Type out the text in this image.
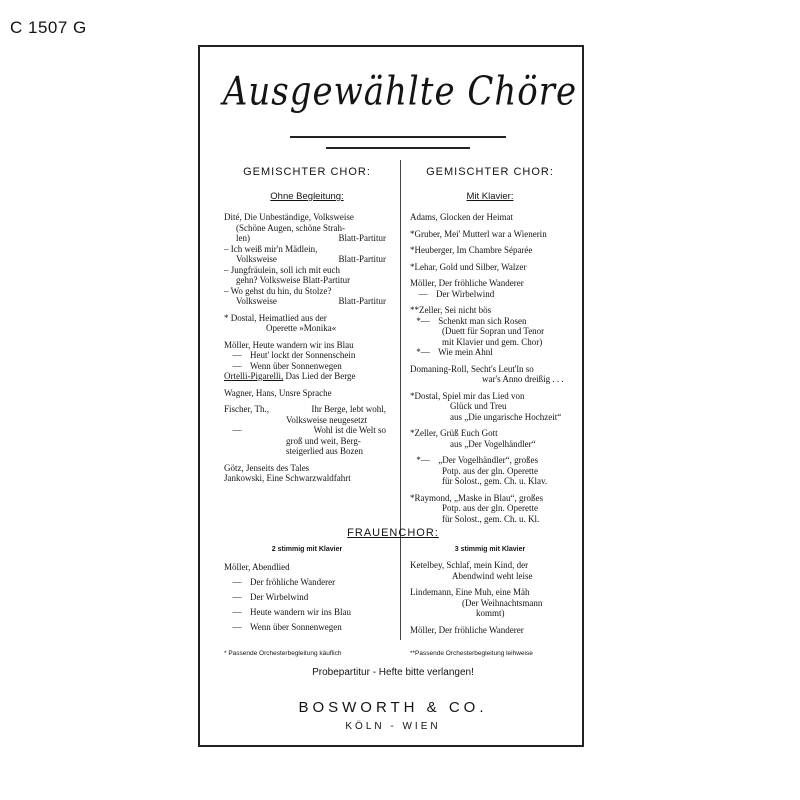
C 1507 G
Ausgewählte Chöre
GEMISCHTER CHOR:
Ohne Begleitung:
GEMISCHTER CHOR:
Mit Klavier:
Dité, Die Unbeständige, Volksweise
(Schöne Augen, schöne Strah-
len)	Blatt-Partitur
– Ich weiß mir'n Mädlein,
Volksweise	Blatt-Partitur
– Jungfräulein, soll ich mit euch
gehn? Volksweise Blatt-Partitur
– Wo gehst du hin, du Stolze?
Volksweise	Blatt-Partitur
* Dostal, Heimatlied aus der
Operette »Monika«
Möller, Heute wandern wir ins Blau
— Heut' lockt der Sonnenschein
— Wenn über Sonnenwegen
Ortelli-Pigarelli, Das Lied der Berge
Wagner, Hans, Unsre Sprache
Fischer, Th.,	Ihr Berge, lebt wohl,
Volksweise neugesetzt
—	Wohl ist die Welt so
groß und weit, Berg-
steigerlied aus Bozen
Götz, Jenseits des Tales
Jankowski, Eine Schwarzwaldfahrt
Adams, Glocken der Heimat
*Gruber, Mei' Mutterl war a Wienerin
*Heuberger, Im Chambre Séparée
*Lehar, Gold und Silber, Walzer
Möller, Der fröhliche Wanderer
— Der Wirbelwind
**Zeller, Sei nicht bös
*— Schenkt man sich Rosen
(Duett für Sopran und Tenor
mit Klavier und gem. Chor)
*— Wie mein Ahnl
Domaning-Roll, Secht's Leut'ln so
war's Anno dreißig . . .
*Dostal, Spiel mir das Lied von
Glück und Treu
aus „Die ungarische Hochzeit“
*Zeller, Grüß Euch Gott
aus „Der Vogelhändler“
*— „Der Vogelhändler“, großes
Potp. aus der gln. Operette
für Solost., gem. Ch. u. Klav.
*Raymond, „Maske in Blau“, großes
Potp. aus der gln. Operette
für Solost., gem. Ch. u. Kl.
FRAUENCHOR:
2 stimmig mit Klavier	3 stimmig mit Klavier
Möller, Abendlied
— Der fröhliche Wanderer
— Der Wirbelwind
— Heute wandern wir ins Blau
— Wenn über Sonnenwegen
Ketelbey, Schlaf, mein Kind, der
Abendwind weht leise
Lindemann, Eine Muh, eine Mäh
(Der Weihnachtsmann
kommt)
Möller, Der fröhliche Wanderer
* Passende Orchesterbegleitung käuflich	**Passende Orchesterbegleitung leihweise
Probepartitur - Hefte bitte verlangen!
BOSWORTH & CO.
KÖLN - WIEN
